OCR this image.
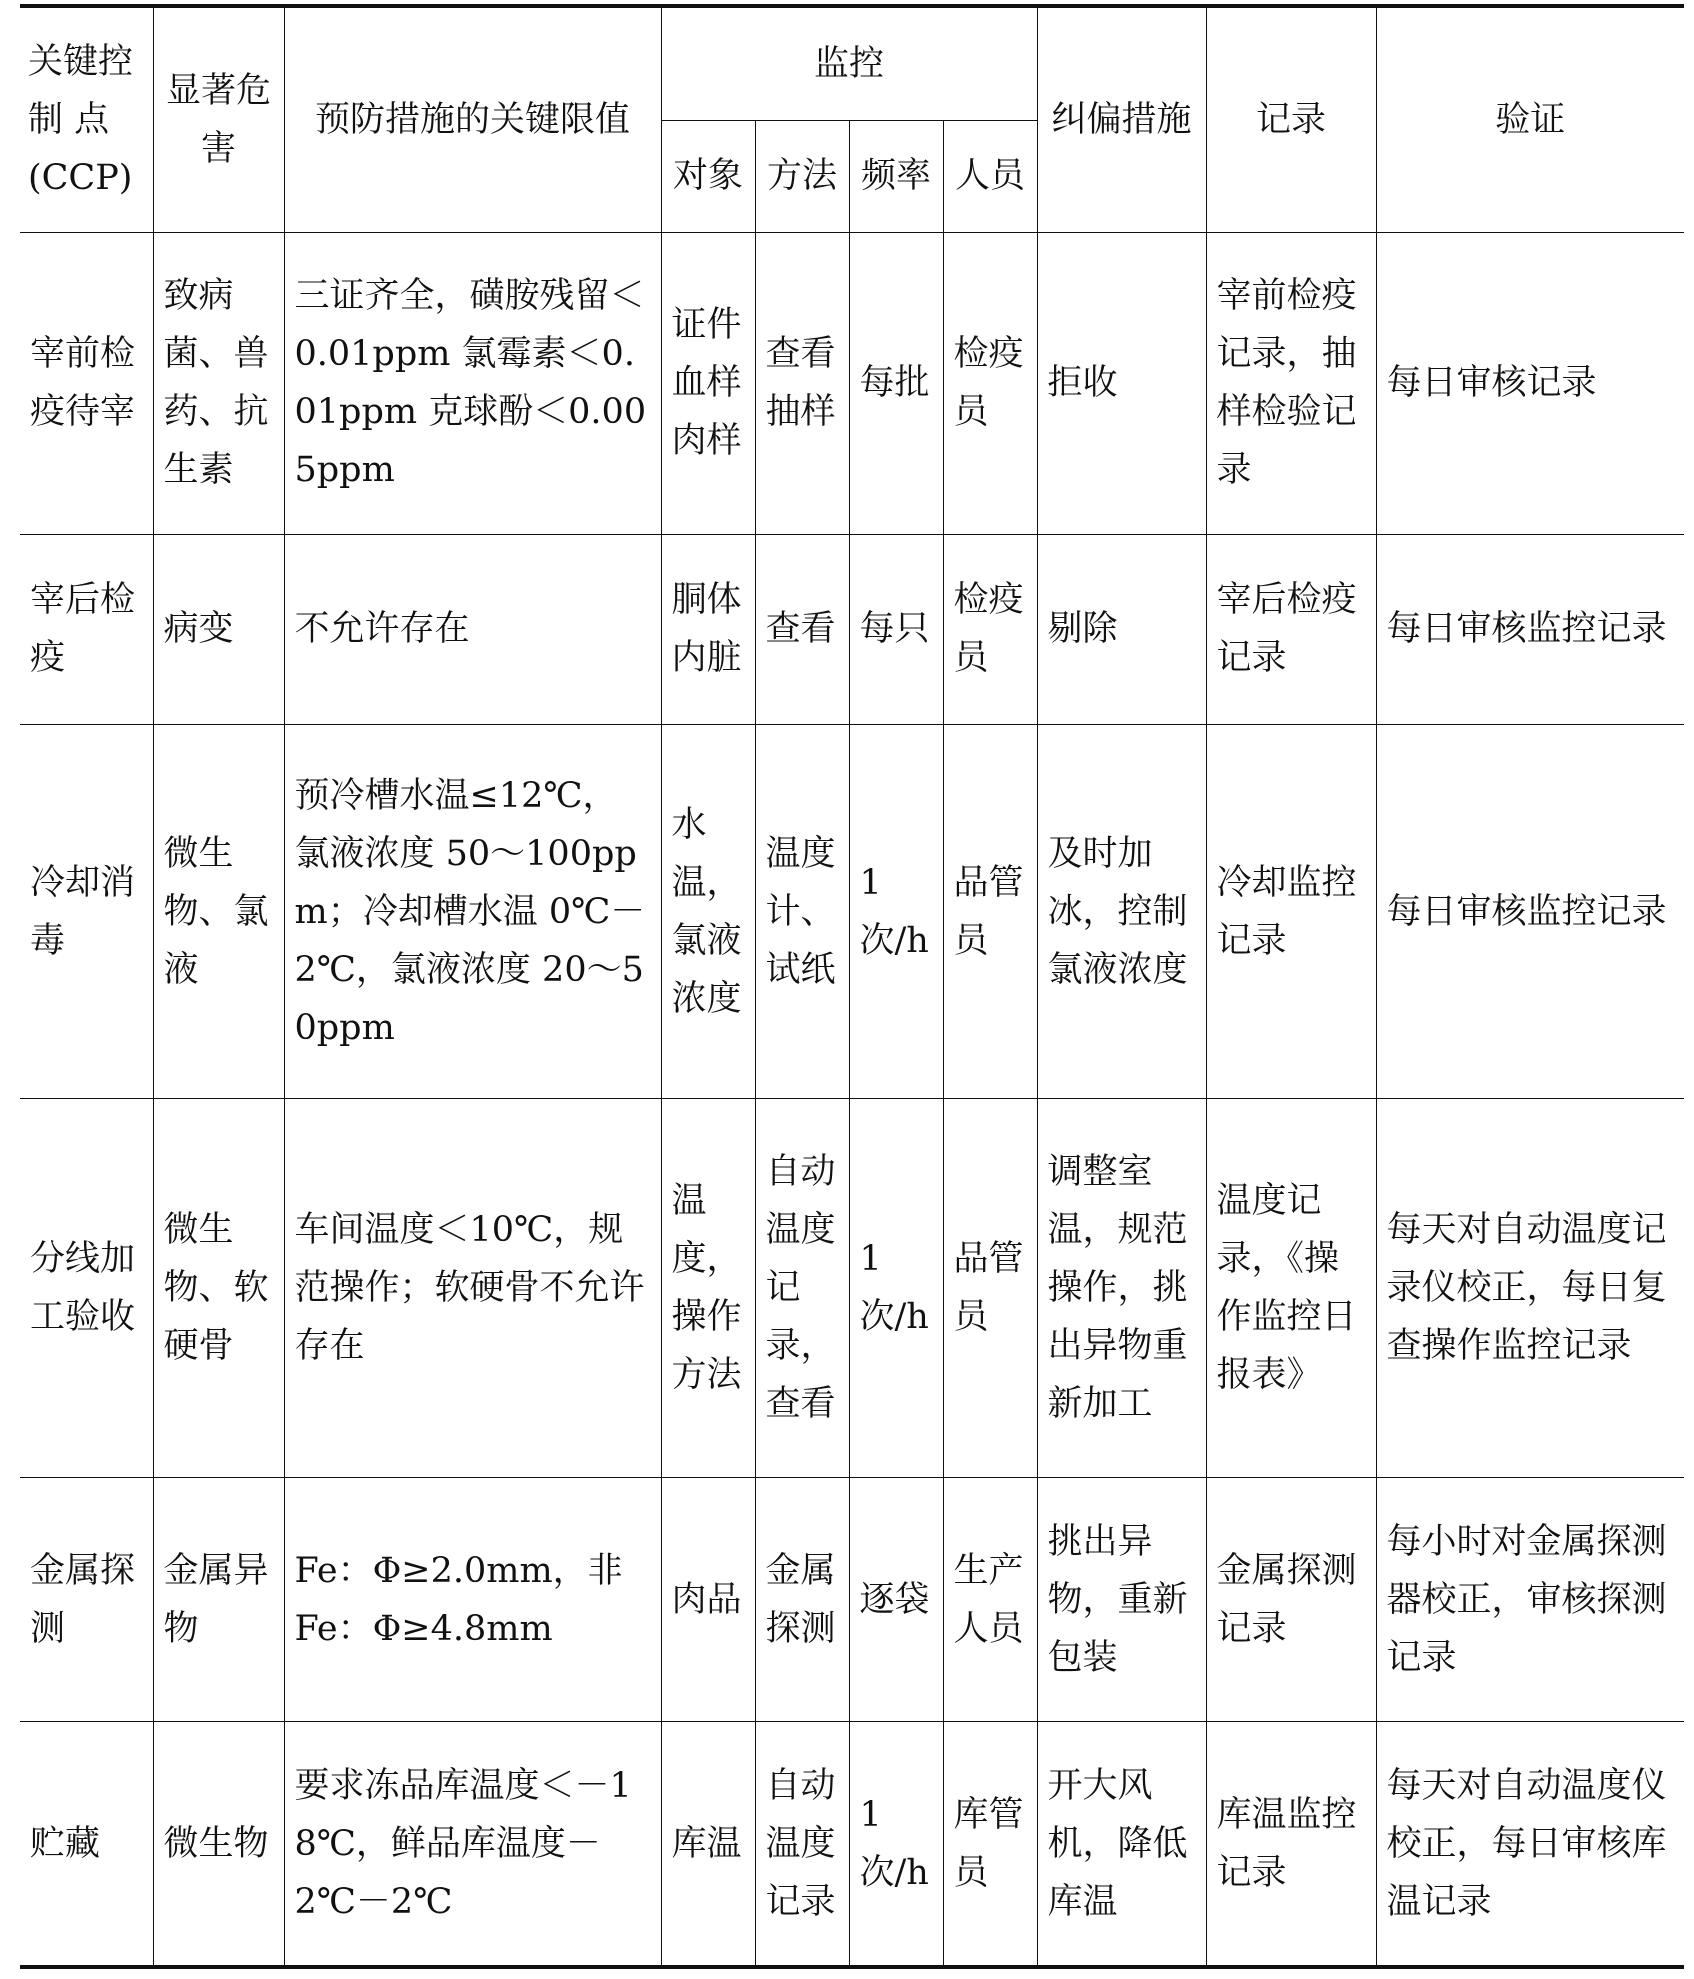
关键控制 点 (CCP)	显著危害	预防措施的关键限值	监控				纠偏措施	记录	验证
			对象	方法	频率	人员			
宰前检疫待宰	致病菌、兽药、抗生素	三证齐全，磺胺残留＜0.01ppm 氯霉素＜0.01ppm 克球酚＜0.005ppm	证件血样肉样	查看抽样	每批	检疫员	拒收	宰前检疫记录，抽样检验记录	每日审核记录
宰后检疫	病变	不允许存在	胴体内脏	查看	每只	检疫员	剔除	宰后检疫记录	每日审核监控记录
冷却消毒	微生物、氯液	预冷槽水温≤12℃，氯液浓度 50～100ppm；冷却槽水温 0℃－2℃，氯液浓度 20～50ppm	水温，氯液浓度	温度计、试纸	1 次/h	品管员	及时加冰，控制氯液浓度	冷却监控记录	每日审核监控记录
分线加工验收	微生物、软硬骨	车间温度＜10℃，规范操作；软硬骨不允许存在	温度，操作方法	自动温度记录，查看	1 次/h	品管员	调整室温，规范操作，挑出异物重新加工	温度记录，《操作监控日报表》	每天对自动温度记录仪校正，每日复查操作监控记录
金属探测	金属异物	Fe：Φ≥2.0mm，非 Fe：Φ≥4.8mm	肉品	金属探测	逐袋	生产人员	挑出异物，重新包装	金属探测记录	每小时对金属探测器校正，审核探测记录
贮藏	微生物	要求冻品库温度＜－18℃，鲜品库温度－2℃－2℃	库温	自动温度记录	1 次/h	库管员	开大风机，降低库温	库温监控记录	每天对自动温度仪校正，每日审核库温记录
